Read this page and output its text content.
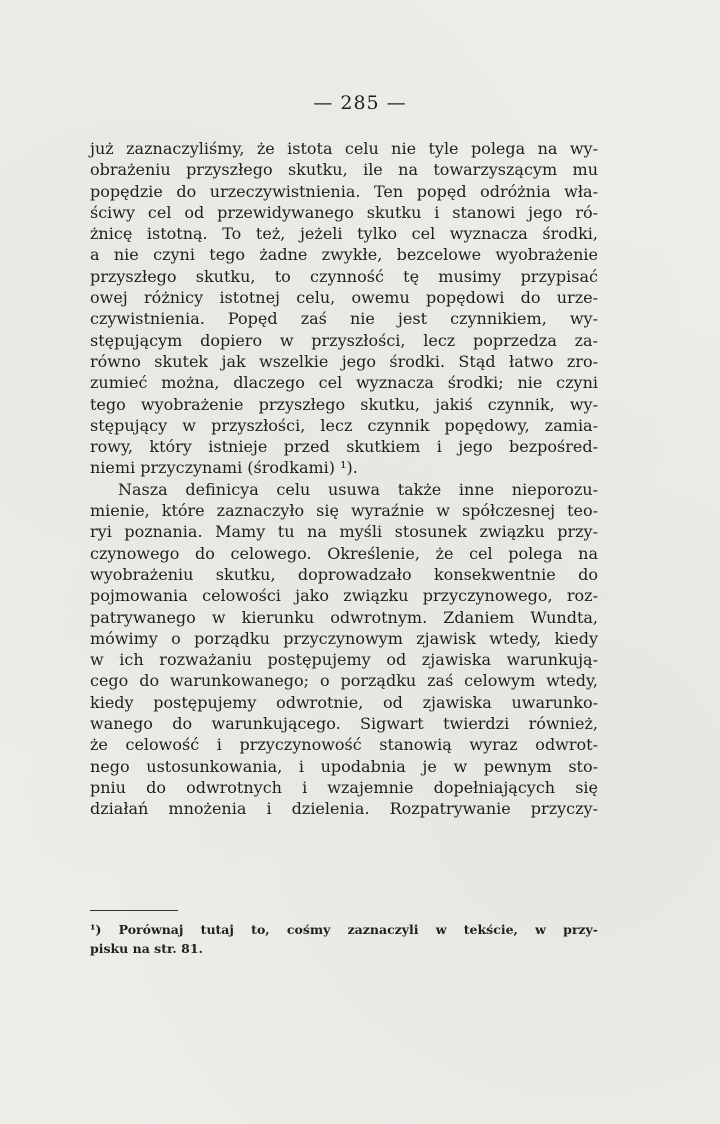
— 285 —
już zaznaczyliśmy, że istota celu nie tyle polega na wy-
obrażeniu przyszłego skutku, ile na towarzyszącym mu
popędzie do urzeczywistnienia. Ten popęd odróżnia wła-
ściwy cel od przewidywanego skutku i stanowi jego ró-
żnicę istotną. To też, jeżeli tylko cel wyznacza środki,
a nie czyni tego żadne zwykłe, bezcelowe wyobrażenie
przyszłego skutku, to czynność tę musimy przypisać
owej różnicy istotnej celu, owemu popędowi do urze-
czywistnienia. Popęd zaś nie jest czynnikiem, wy-
stępującym dopiero w przyszłości, lecz poprzedza za-
równo skutek jak wszelkie jego środki. Stąd łatwo zro-
zumieć można, dlaczego cel wyznacza środki; nie czyni
tego wyobrażenie przyszłego skutku, jakiś czynnik, wy-
stępujący w przyszłości, lecz czynnik popędowy, zamia-
rowy, który istnieje przed skutkiem i jego bezpośred-
niemi przyczynami (środkami) ¹).
Nasza definicya celu usuwa także inne nieporozu-
mienie, które zaznaczyło się wyraźnie w spółczesnej teo-
ryi poznania. Mamy tu na myśli stosunek związku przy-
czynowego do celowego. Określenie, że cel polega na
wyobrażeniu skutku, doprowadzało konsekwentnie do
pojmowania celowości jako związku przyczynowego, roz-
patrywanego w kierunku odwrotnym. Zdaniem Wundta,
mówimy o porządku przyczynowym zjawisk wtedy, kiedy
w ich rozważaniu postępujemy od zjawiska warunkują-
cego do warunkowanego; o porządku zaś celowym wtedy,
kiedy postępujemy odwrotnie, od zjawiska uwarunko-
wanego do warunkującego. Sigwart twierdzi również,
że celowość i przyczynowość stanowią wyraz odwrot-
nego ustosunkowania, i upodabnia je w pewnym sto-
pniu do odwrotnych i wzajemnie dopełniających się
działań mnożenia i dzielenia. Rozpatrywanie przyczy-
¹) Porównaj tutaj to, cośmy zaznaczyli w tekście, w przy-
pisku na str. 81.
